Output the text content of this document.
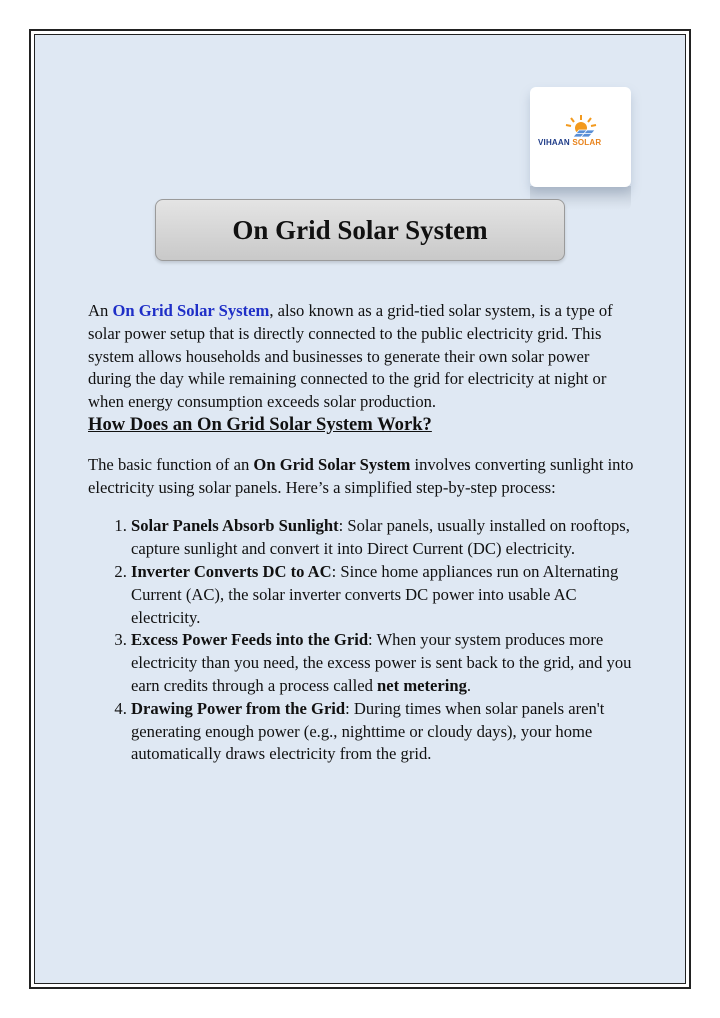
VIHAAN SOLAR
On Grid Solar System

An On Grid Solar System, also known as a grid-tied solar system, is a type of solar power setup that is directly connected to the public electricity grid. This system allows households and businesses to generate their own solar power during the day while remaining connected to the grid for electricity at night or when energy consumption exceeds solar production.

How Does an On Grid Solar System Work?

The basic function of an On Grid Solar System involves converting sunlight into electricity using solar panels. Here’s a simplified step-by-step process:

1. Solar Panels Absorb Sunlight: Solar panels, usually installed on rooftops, capture sunlight and convert it into Direct Current (DC) electricity.
2. Inverter Converts DC to AC: Since home appliances run on Alternating Current (AC), the solar inverter converts DC power into usable AC electricity.
3. Excess Power Feeds into the Grid: When your system produces more electricity than you need, the excess power is sent back to the grid, and you earn credits through a process called net metering.
4. Drawing Power from the Grid: During times when solar panels aren't generating enough power (e.g., nighttime or cloudy days), your home automatically draws electricity from the grid.
